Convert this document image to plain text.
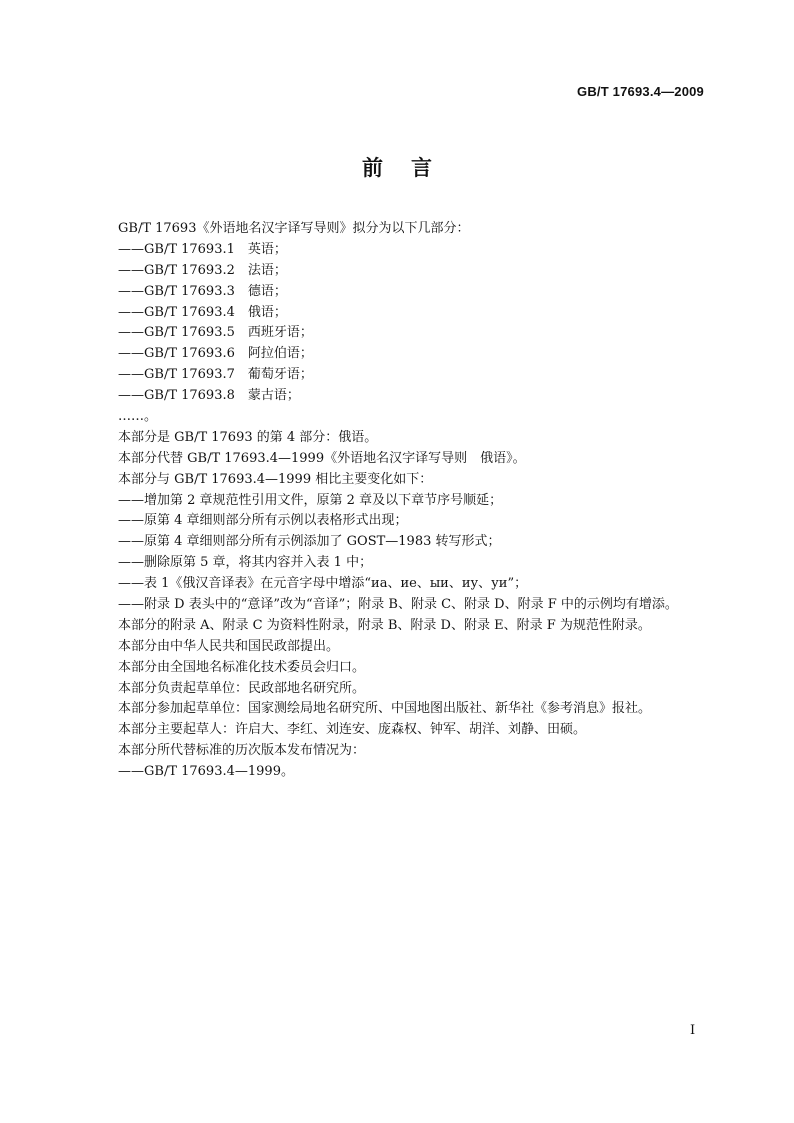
GB/T 17693.4—2009
前言
GB/T 17693《外语地名汉字译写导则》拟分为以下几部分：
——GB/T 17693.1　英语；
——GB/T 17693.2　法语；
——GB/T 17693.3　德语；
——GB/T 17693.4　俄语；
——GB/T 17693.5　西班牙语；
——GB/T 17693.6　阿拉伯语；
——GB/T 17693.7　葡萄牙语；
——GB/T 17693.8　蒙古语；
……。
本部分是 GB/T 17693 的第 4 部分：俄语。
本部分代替 GB/T 17693.4—1999《外语地名汉字译写导则　俄语》。
本部分与 GB/T 17693.4—1999 相比主要变化如下：
——增加第 2 章规范性引用文件，原第 2 章及以下章节序号顺延；
——原第 4 章细则部分所有示例以表格形式出现；
——原第 4 章细则部分所有示例添加了 GOST—1983 转写形式；
——删除原第 5 章，将其内容并入表 1 中；
——表 1《俄汉音译表》在元音字母中增添“иа、ие、ыи、иу、уи”；
——附录 D 表头中的“意译”改为“音译”；附录 B、附录 C、附录 D、附录 F 中的示例均有增添。
本部分的附录 A、附录 C 为资料性附录，附录 B、附录 D、附录 E、附录 F 为规范性附录。
本部分由中华人民共和国民政部提出。
本部分由全国地名标准化技术委员会归口。
本部分负责起草单位：民政部地名研究所。
本部分参加起草单位：国家测绘局地名研究所、中国地图出版社、新华社《参考消息》报社。
本部分主要起草人：许启大、李红、刘连安、庞森权、钟军、胡洋、刘静、田硕。
本部分所代替标准的历次版本发布情况为：
——GB/T 17693.4—1999。
I
